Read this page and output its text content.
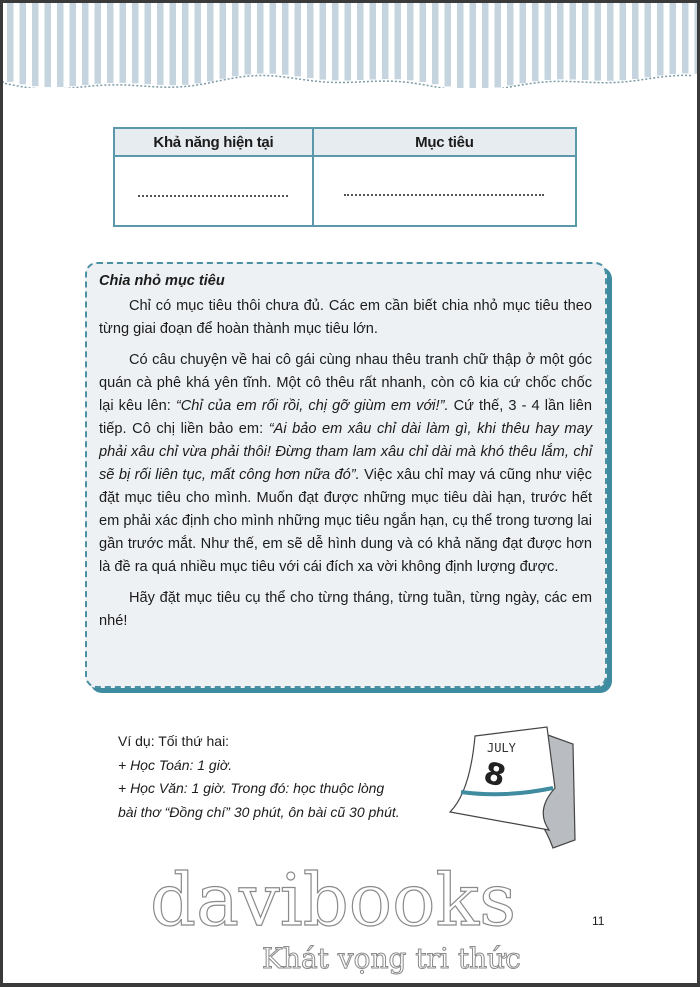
Khả năng hiện tại	Mục tiêu

Chia nhỏ mục tiêu

Chỉ có mục tiêu thôi chưa đủ. Các em cần biết chia nhỏ mục tiêu theo từng giai đoạn để hoàn thành mục tiêu lớn.

Có câu chuyện về hai cô gái cùng nhau thêu tranh chữ thập ở một góc quán cà phê khá yên tĩnh. Một cô thêu rất nhanh, còn cô kia cứ chốc chốc lại kêu lên: “Chỉ của em rối rồi, chị gỡ giùm em với!”. Cứ thế, 3 - 4 lần liên tiếp. Cô chị liền bảo em: “Ai bảo em xâu chỉ dài làm gì, khi thêu hay may phải xâu chỉ vừa phải thôi! Đừng tham lam xâu chỉ dài mà khó thêu lắm, chỉ sẽ bị rối liên tục, mất công hơn nữa đó”. Việc xâu chỉ may vá cũng như việc đặt mục tiêu cho mình. Muốn đạt được những mục tiêu dài hạn, trước hết em phải xác định cho mình những mục tiêu ngắn hạn, cụ thể trong tương lai gần trước mắt. Như thế, em sẽ dễ hình dung và có khả năng đạt được hơn là đề ra quá nhiều mục tiêu với cái đích xa vời không định lượng được.

Hãy đặt mục tiêu cụ thể cho từng tháng, từng tuần, từng ngày, các em nhé!

Ví dụ: Tối thứ hai:
+ Học Toán: 1 giờ.
+ Học Văn: 1 giờ. Trong đó: học thuộc lòng
bài thơ “Đồng chí” 30 phút, ôn bài cũ 30 phút.
JULY
8
davibooks
Khát vọng tri thức
11
